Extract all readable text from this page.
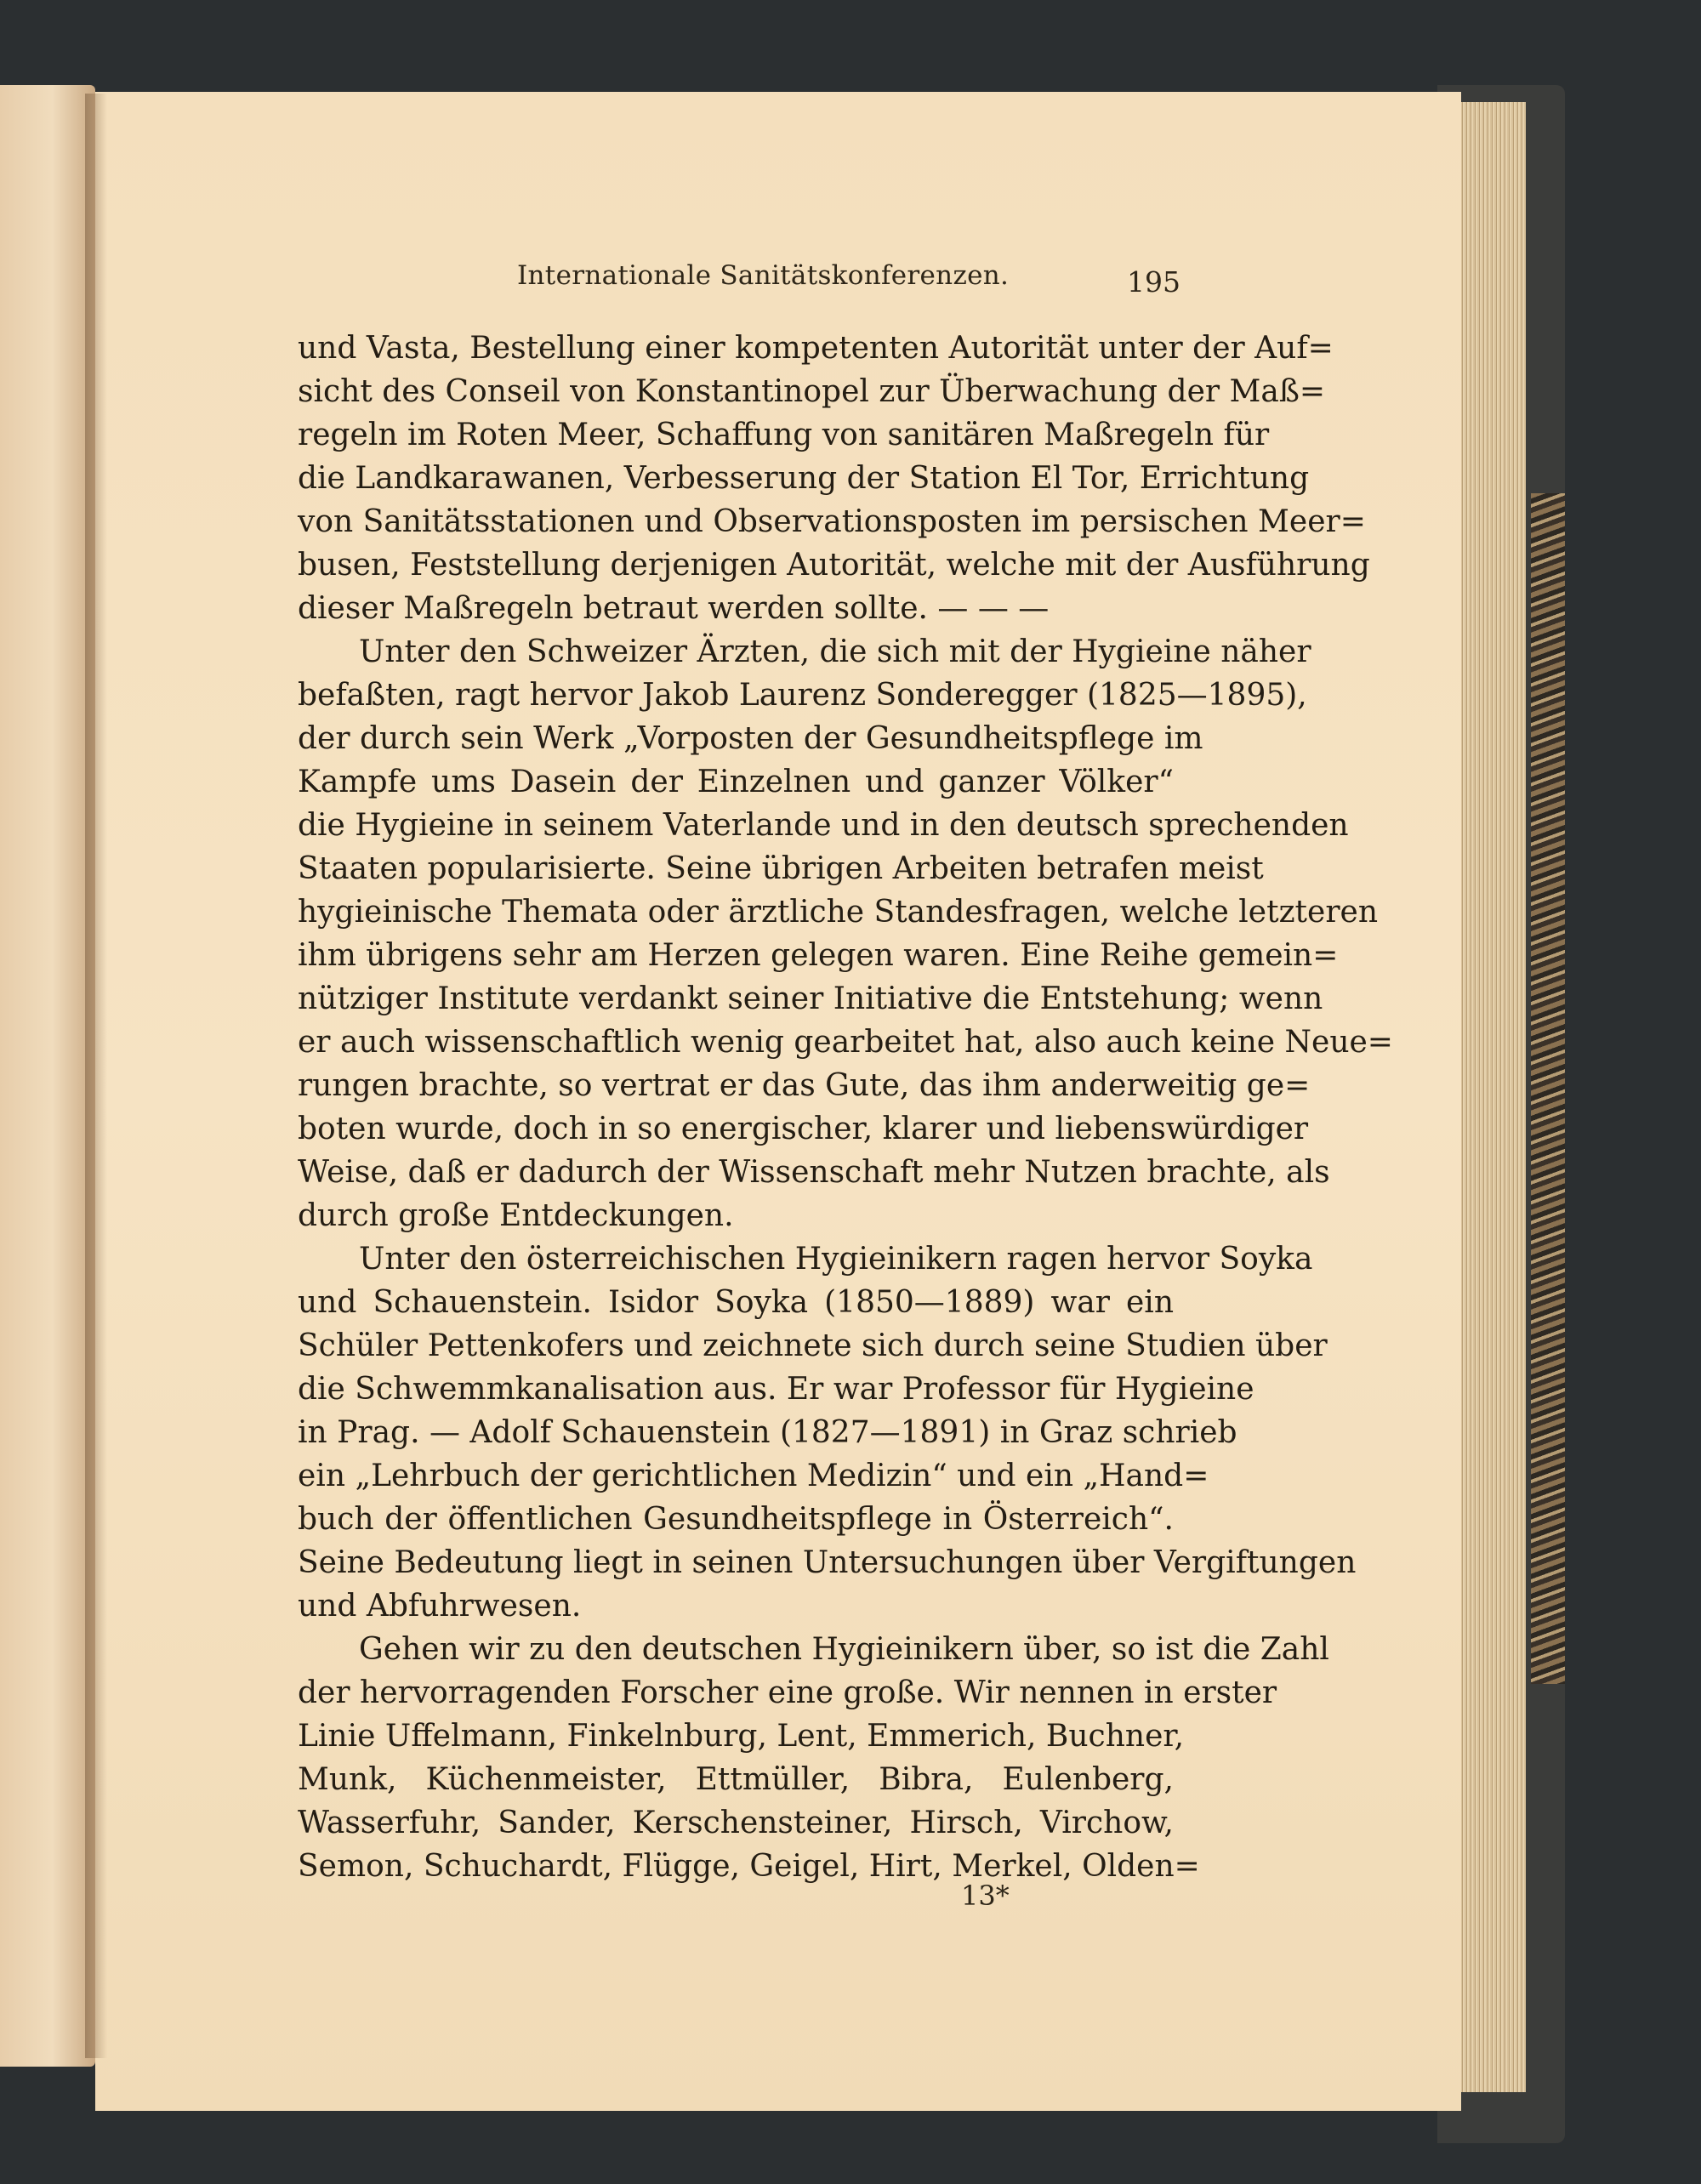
Internationale Sanitätskonferenzen.	195
und Vasta, Bestellung einer kompetenten Autorität unter der Auf=
sicht des Conseil von Konstantinopel zur Überwachung der Maß=
regeln im Roten Meer, Schaffung von sanitären Maßregeln für
die Landkarawanen, Verbesserung der Station El Tor, Errichtung
von Sanitätsstationen und Observationsposten im persischen Meer=
busen, Feststellung derjenigen Autorität, welche mit der Ausführung
dieser Maßregeln betraut werden sollte. — — —
Unter den Schweizer Ärzten, die sich mit der Hygieine näher
befaßten, ragt hervor Jakob Laurenz Sonderegger (1825—1895),
der durch sein Werk „Vorposten der Gesundheitspflege im
Kampfe ums Dasein der Einzelnen und ganzer Völker“
die Hygieine in seinem Vaterlande und in den deutsch sprechenden
Staaten popularisierte. Seine übrigen Arbeiten betrafen meist
hygieinische Themata oder ärztliche Standesfragen, welche letzteren
ihm übrigens sehr am Herzen gelegen waren. Eine Reihe gemein=
nütziger Institute verdankt seiner Initiative die Entstehung; wenn
er auch wissenschaftlich wenig gearbeitet hat, also auch keine Neue=
rungen brachte, so vertrat er das Gute, das ihm anderweitig ge=
boten wurde, doch in so energischer, klarer und liebenswürdiger
Weise, daß er dadurch der Wissenschaft mehr Nutzen brachte, als
durch große Entdeckungen.
Unter den österreichischen Hygieinikern ragen hervor Soyka
und Schauenstein. Isidor Soyka (1850—1889) war ein
Schüler Pettenkofers und zeichnete sich durch seine Studien über
die Schwemmkanalisation aus. Er war Professor für Hygieine
in Prag. — Adolf Schauenstein (1827—1891) in Graz schrieb
ein „Lehrbuch der gerichtlichen Medizin“ und ein „Hand=
buch der öffentlichen Gesundheitspflege in Österreich“.
Seine Bedeutung liegt in seinen Untersuchungen über Vergiftungen
und Abfuhrwesen.
Gehen wir zu den deutschen Hygieinikern über, so ist die Zahl
der hervorragenden Forscher eine große. Wir nennen in erster
Linie Uffelmann, Finkelnburg, Lent, Emmerich, Buchner,
Munk, Küchenmeister, Ettmüller, Bibra, Eulenberg,
Wasserfuhr, Sander, Kerschensteiner, Hirsch, Virchow,
Semon, Schuchardt, Flügge, Geigel, Hirt, Merkel, Olden=
13*
